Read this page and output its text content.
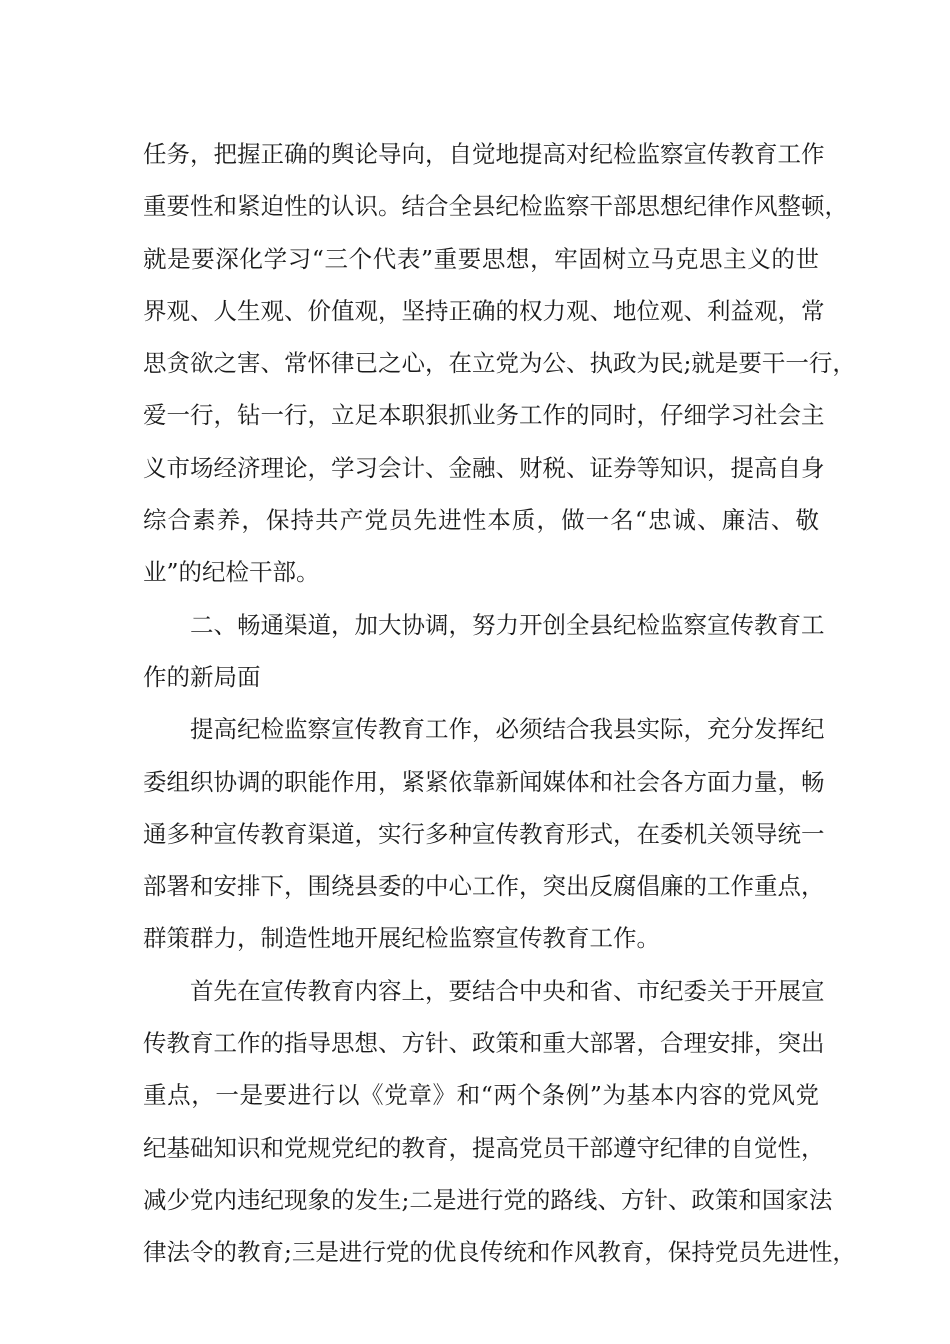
任务，把握正确的舆论导向，自觉地提高对纪检监察宣传教育工作
重要性和紧迫性的认识。结合全县纪检监察干部思想纪律作风整顿，
就是要深化学习“三个代表”重要思想，牢固树立马克思主义的世
界观、人生观、价值观，坚持正确的权力观、地位观、利益观，常
思贪欲之害、常怀律已之心，在立党为公、执政为民;就是要干一行，
爱一行，钻一行，立足本职狠抓业务工作的同时，仔细学习社会主
义市场经济理论，学习会计、金融、财税、证券等知识，提高自身
综合素养，保持共产党员先进性本质，做一名“忠诚、廉洁、敬
业”的纪检干部。
二、畅通渠道，加大协调，努力开创全县纪检监察宣传教育工
作的新局面
提高纪检监察宣传教育工作，必须结合我县实际，充分发挥纪
委组织协调的职能作用，紧紧依靠新闻媒体和社会各方面力量，畅
通多种宣传教育渠道，实行多种宣传教育形式，在委机关领导统一
部署和安排下，围绕县委的中心工作，突出反腐倡廉的工作重点，
群策群力，制造性地开展纪检监察宣传教育工作。
首先在宣传教育内容上，要结合中央和省、市纪委关于开展宣
传教育工作的指导思想、方针、政策和重大部署，合理安排，突出
重点，一是要进行以《党章》和“两个条例”为基本内容的党风党
纪基础知识和党规党纪的教育，提高党员干部遵守纪律的自觉性，
减少党内违纪现象的发生;二是进行党的路线、方针、政策和国家法
律法令的教育;三是进行党的优良传统和作风教育，保持党员先进性，
